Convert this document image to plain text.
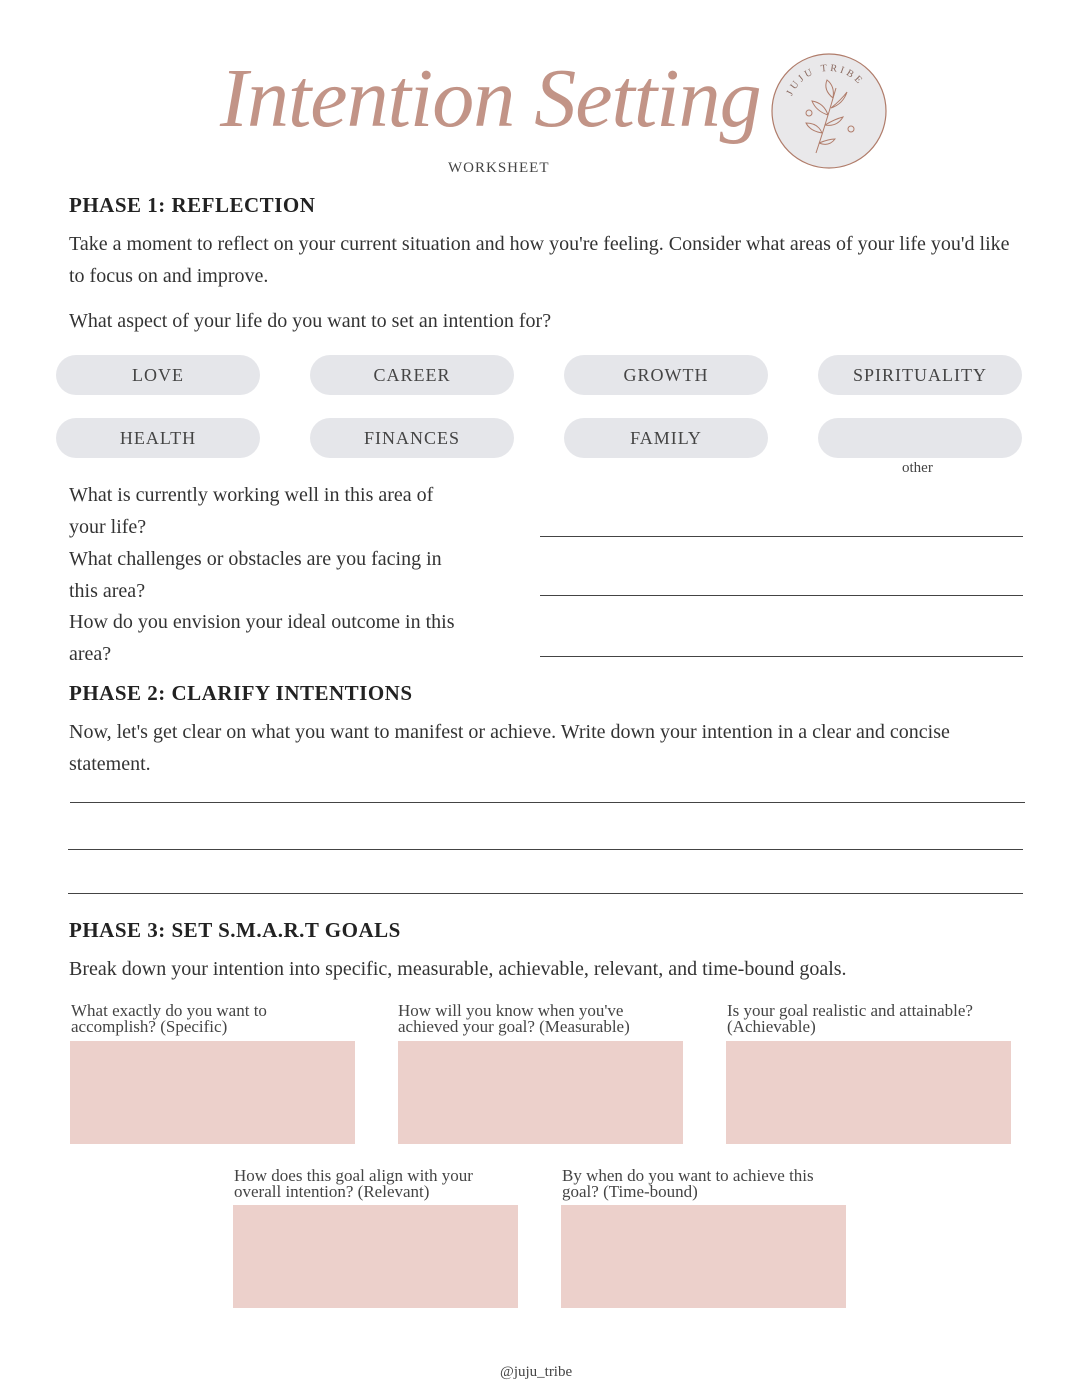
Intention Setting
WORKSHEET
JUJU TRIBE
PHASE 1: REFLECTION
Take a moment to reflect on your current situation and how you're feeling. Consider what areas of your life you'd like to focus on and improve.
What aspect of your life do you want to set an intention for?
LOVE	CAREER	GROWTH	SPIRITUALITY
HEALTH	FINANCES	FAMILY
other
What is currently working well in this area of your life?
What challenges or obstacles are you facing in this area?
How do you envision your ideal outcome in this area?
PHASE 2: CLARIFY INTENTIONS
Now, let's get clear on what you want to manifest or achieve. Write down your intention in a clear and concise statement.
PHASE 3: SET S.M.A.R.T GOALS
Break down your intention into specific, measurable, achievable, relevant, and time-bound goals.
What exactly do you want to accomplish? (Specific)
How will you know when you've achieved your goal? (Measurable)
Is your goal realistic and attainable? (Achievable)
How does this goal align with your overall intention? (Relevant)
By when do you want to achieve this goal? (Time-bound)
@juju_tribe
